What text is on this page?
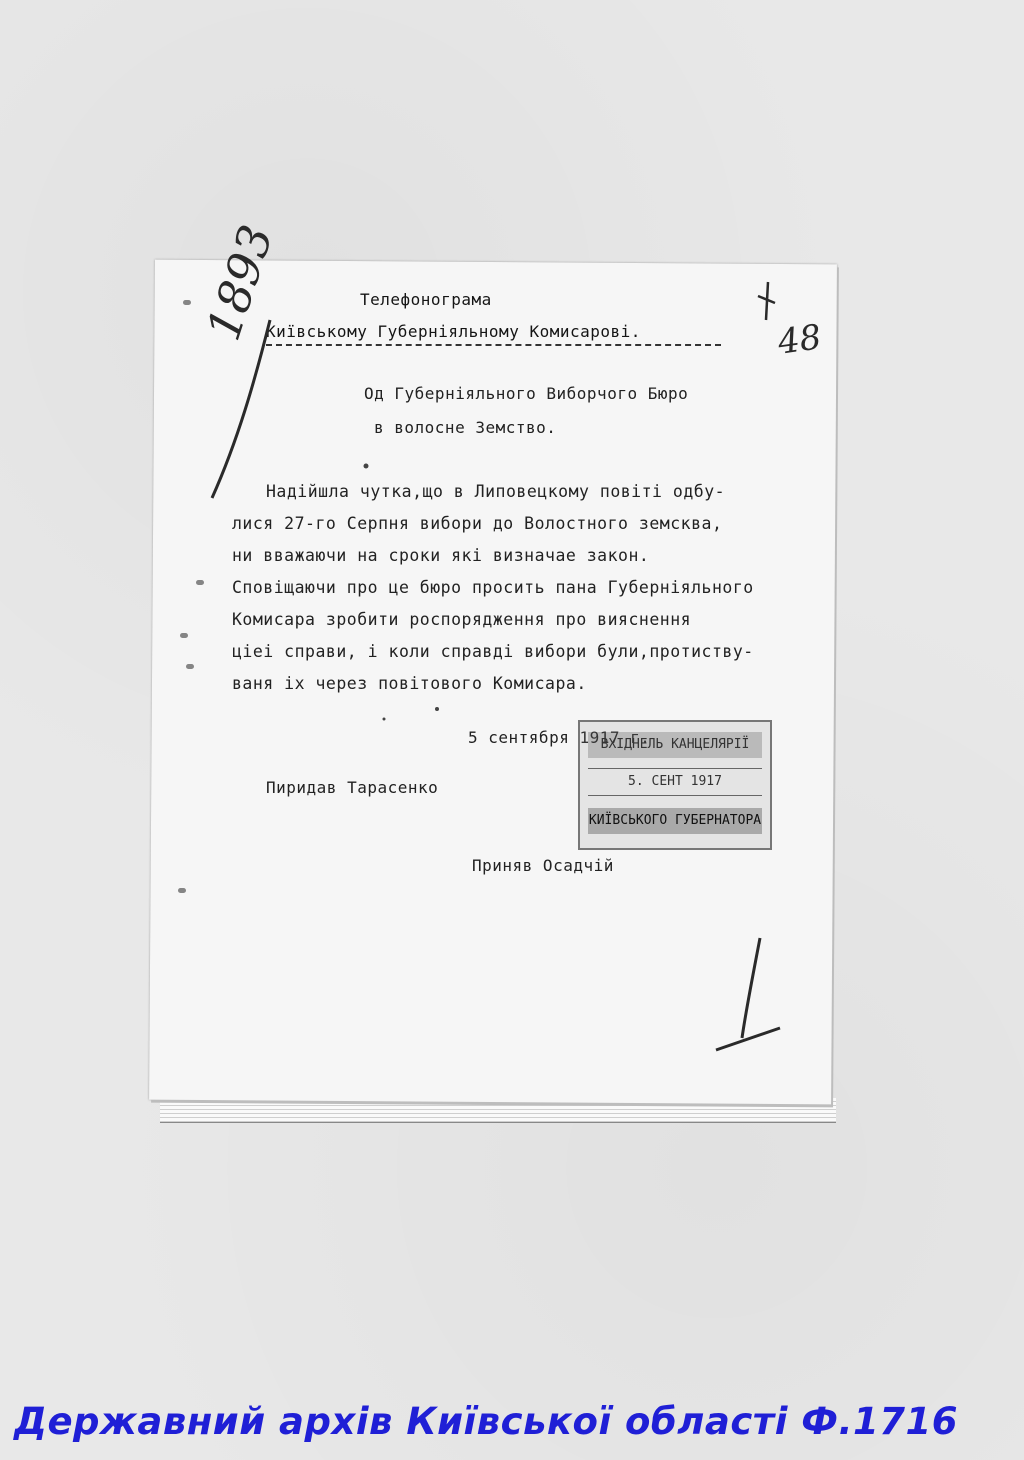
Телефонограма
Київському Губерніяльному Комисарові.
Од Губерніяльного Виборчого Бюро
в волосне Земство.
Надійшла чутка,що в Липовецкому повіті одбу-
лися 27-го Серпня вибори до Волостного земсква,
ни вважаючи на сроки які визначае закон.
Сповіщаючи про це бюро просить пана Губерніяльного
Комисара зробити роспорядження про вияснення
ціеі справи, і коли справді вибори були,протиству-
ваня іх через повітового Комисара.
5 сентября 1917 г.
Пиридав Тарасенко
Приняв Осадчій
ВХІДНЕЛЬ КАНЦЕЛЯРІЇ
5. СЕНТ 1917
КИЇВСЬКОГО ГУБЕРНАТОРА
1893	48
Державний архів Київської області Ф.1716
